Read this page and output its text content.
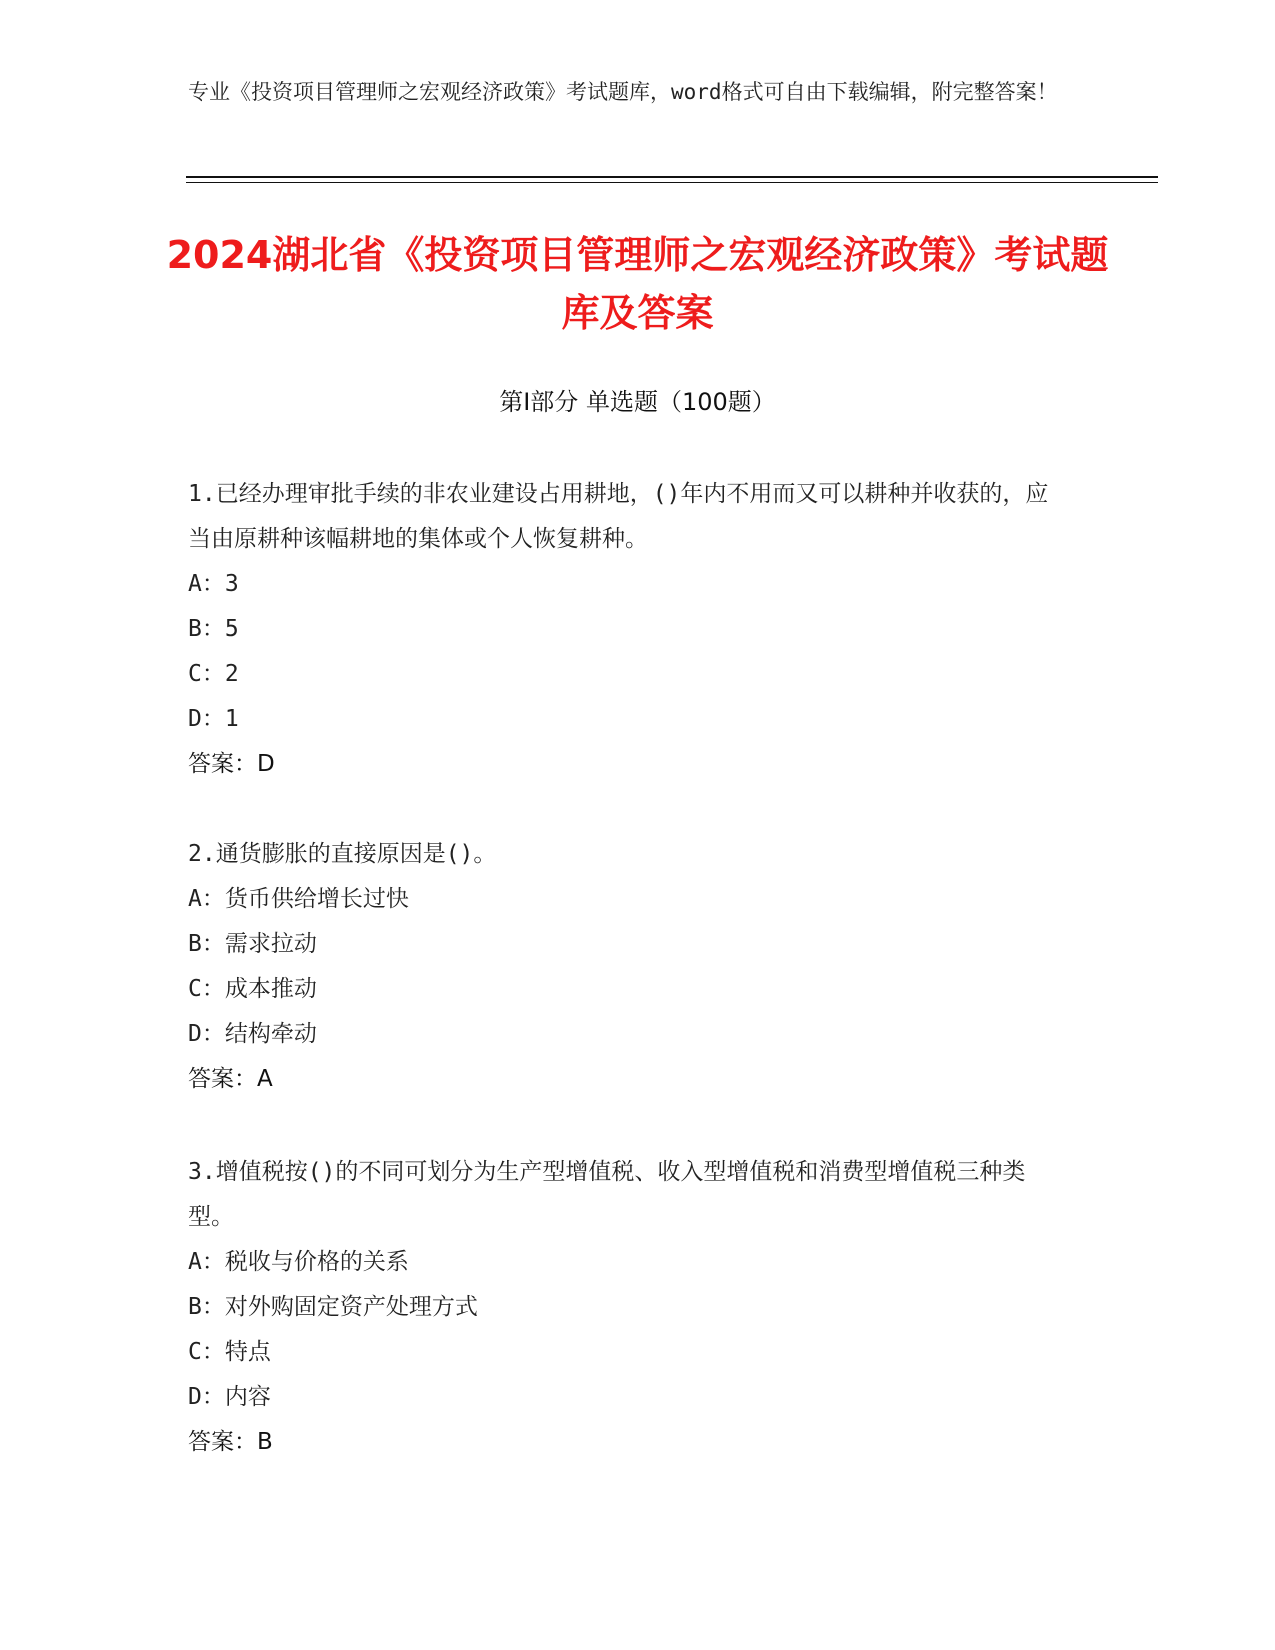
专业《投资项目管理师之宏观经济政策》考试题库，word格式可自由下载编辑，附完整答案！
2024湖北省《投资项目管理师之宏观经济政策》考试题库及答案
第I部分 单选题（100题）

1.已经办理审批手续的非农业建设占用耕地，()年内不用而又可以耕种并收获的，应当由原耕种该幅耕地的集体或个人恢复耕种。

A：3

B：5

C：2

D：1

答案：D

2.通货膨胀的直接原因是()。

A：货币供给增长过快

B：需求拉动

C：成本推动

D：结构牵动

答案：A

3.增值税按()的不同可划分为生产型增值税、收入型增值税和消费型增值税三种类型。

A：税收与价格的关系

B：对外购固定资产处理方式

C：特点

D：内容

答案：B
